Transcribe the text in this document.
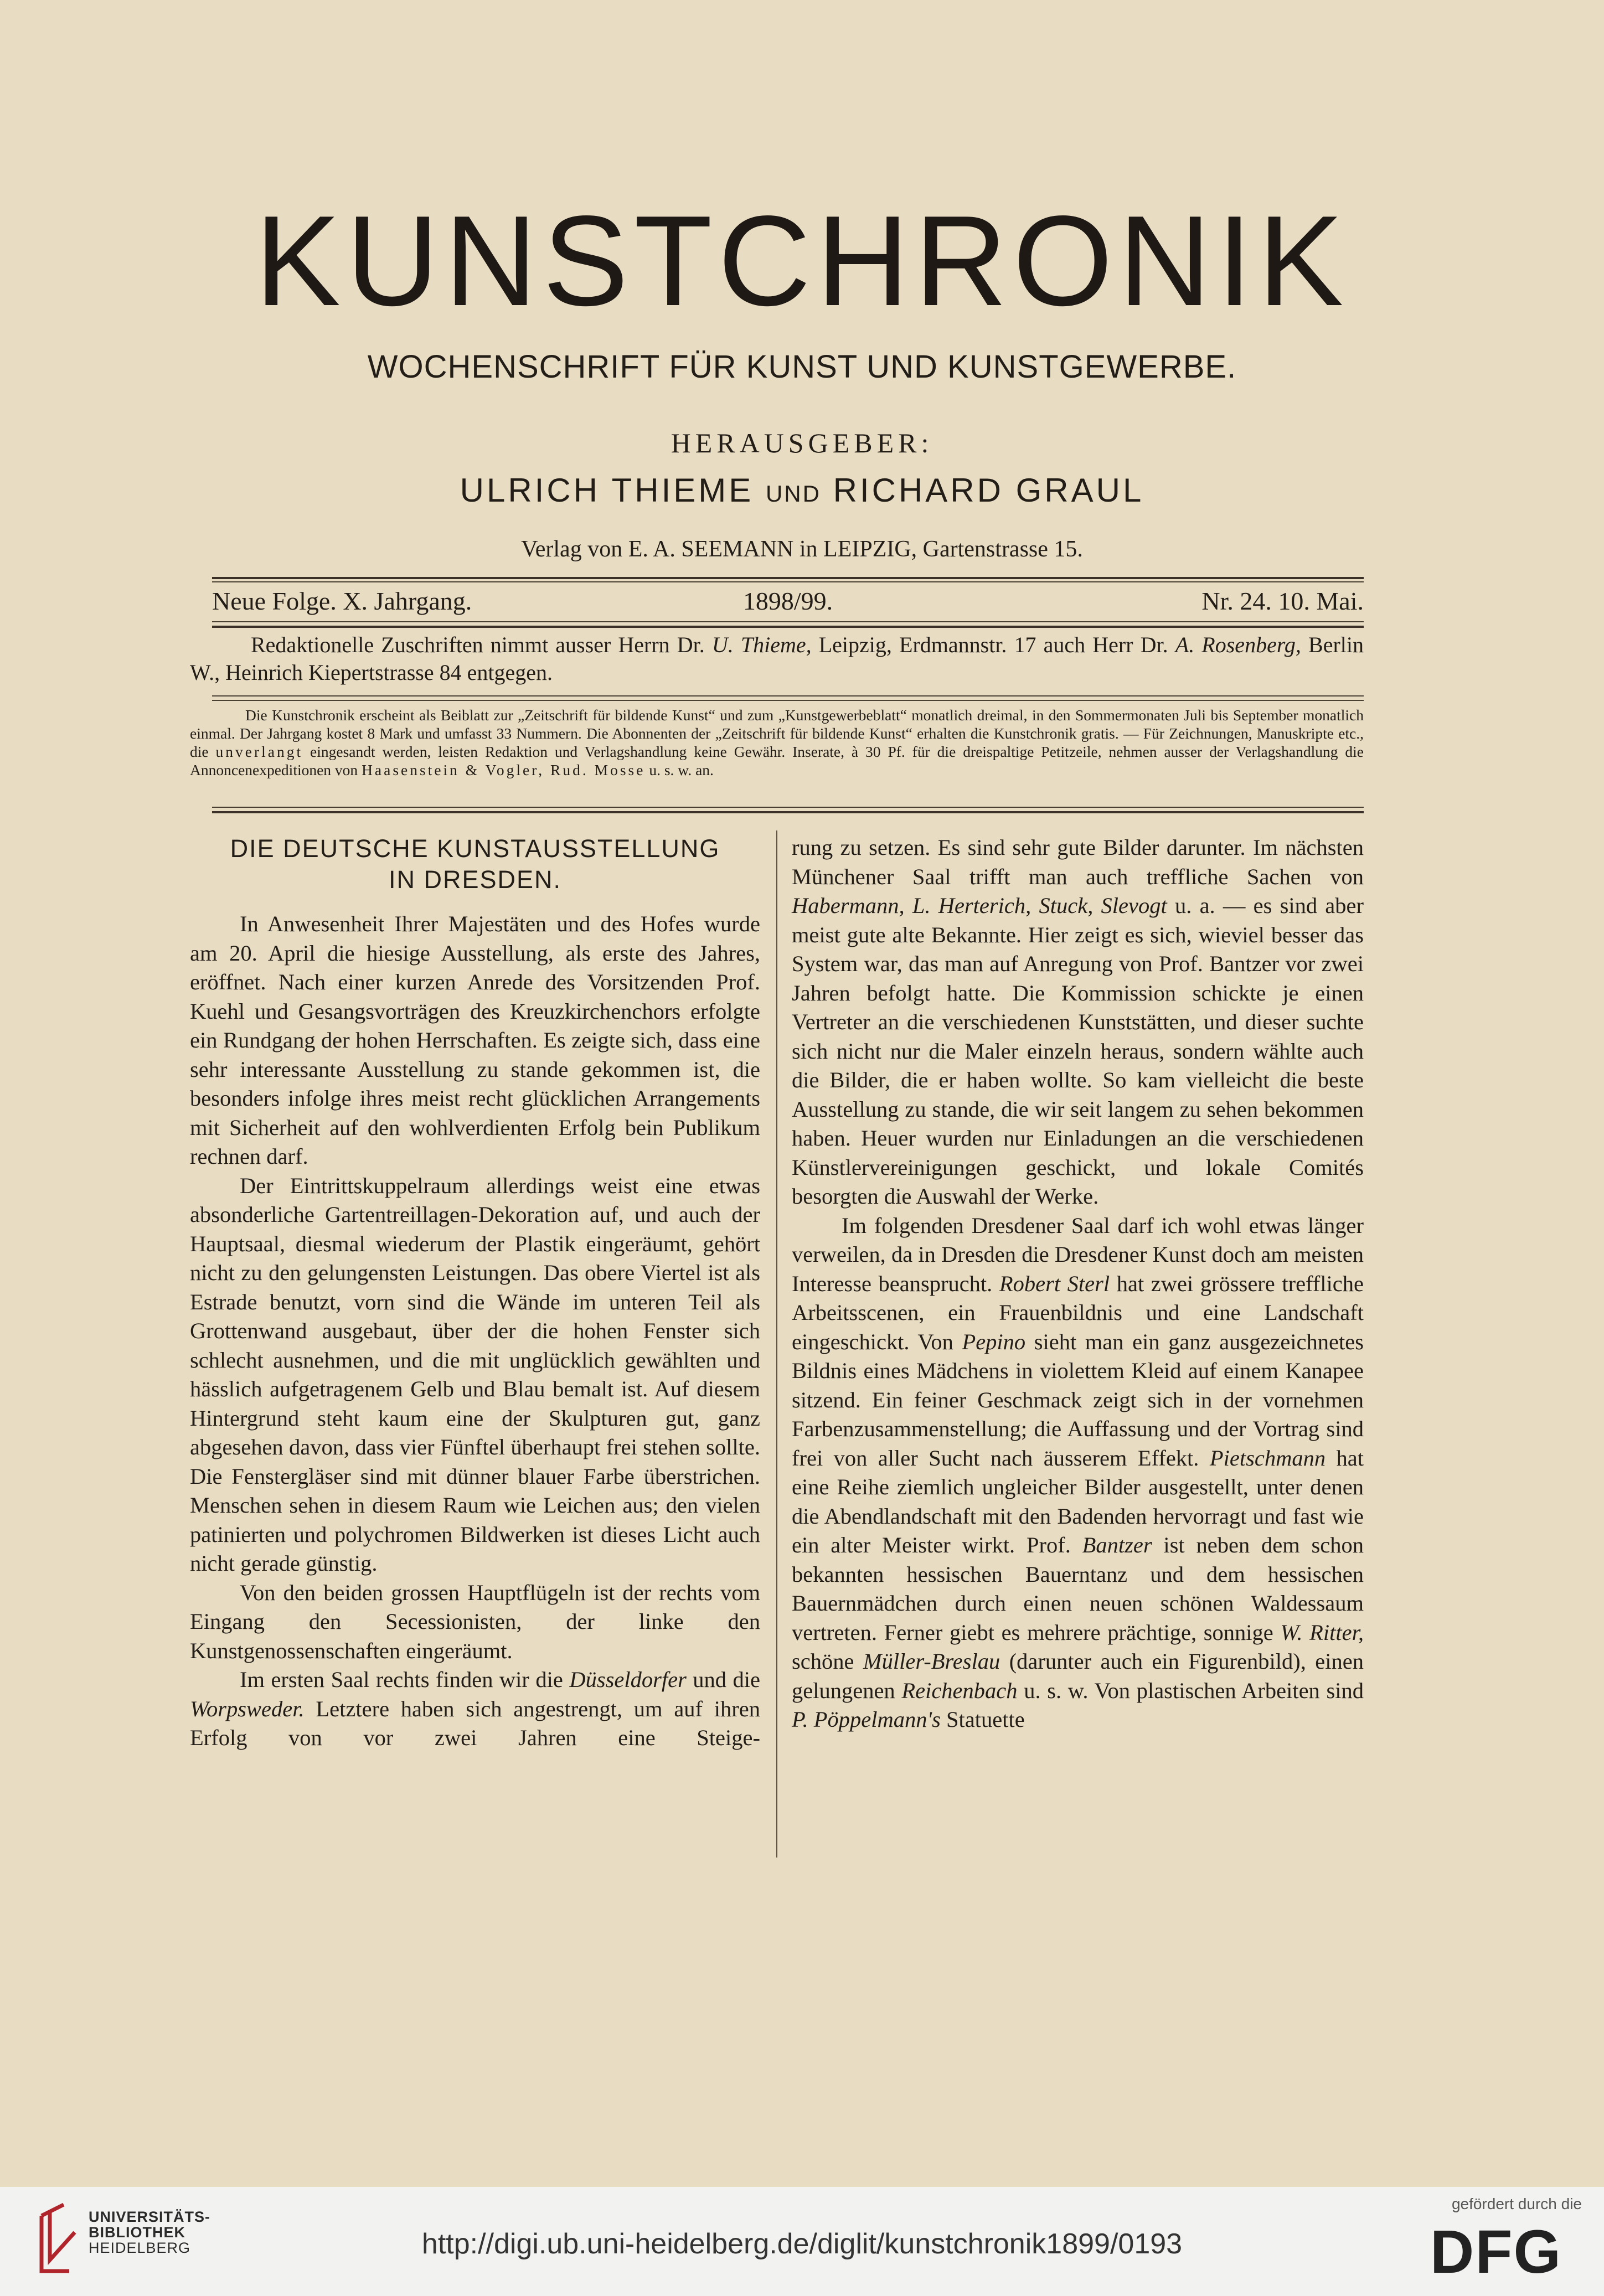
KUNSTCHRONIK
WOCHENSCHRIFT FÜR KUNST UND KUNSTGEWERBE.
HERAUSGEBER:
ULRICH THIEME UND RICHARD GRAUL
Verlag von E. A. SEEMANN in LEIPZIG, Gartenstrasse 15.
Neue Folge. X. Jahrgang.	1898/99.	Nr. 24. 10. Mai.
Redaktionelle Zuschriften nimmt ausser Herrn Dr. U. Thieme, Leipzig, Erdmannstr. 17 auch Herr Dr. A. Rosenberg, Berlin W., Heinrich Kiepertstrasse 84 entgegen.
Die Kunstchronik erscheint als Beiblatt zur „Zeitschrift für bildende Kunst“ und zum „Kunstgewerbeblatt“ monatlich dreimal, in den Sommermonaten Juli bis September monatlich einmal. Der Jahrgang kostet 8 Mark und umfasst 33 Nummern. Die Abonnenten der „Zeitschrift für bildende Kunst“ erhalten die Kunstchronik gratis. — Für Zeichnungen, Manuskripte etc., die unverlangt eingesandt werden, leisten Redaktion und Verlagshandlung keine Gewähr. Inserate, à 30 Pf. für die dreispaltige Petitzeile, nehmen ausser der Verlagshandlung die Annoncenexpeditionen von Haasenstein & Vogler, Rud. Mosse u. s. w. an.
DIE DEUTSCHE KUNSTAUSSTELLUNG
IN DRESDEN.

In Anwesenheit Ihrer Majestäten und des Hofes wurde am 20. April die hiesige Ausstellung, als erste des Jahres, eröffnet. Nach einer kurzen Anrede des Vorsitzenden Prof. Kuehl und Gesangsvorträgen des Kreuzkirchenchors erfolgte ein Rundgang der hohen Herrschaften. Es zeigte sich, dass eine sehr interessante Ausstellung zu stande gekommen ist, die besonders infolge ihres meist recht glücklichen Arrangements mit Sicherheit auf den wohlverdienten Erfolg bein Publikum rechnen darf.

Der Eintrittskuppelraum allerdings weist eine etwas absonderliche Gartentreillagen-Dekoration auf, und auch der Hauptsaal, diesmal wiederum der Plastik eingeräumt, gehört nicht zu den gelungensten Leistungen. Das obere Viertel ist als Estrade benutzt, vorn sind die Wände im unteren Teil als Grottenwand ausgebaut, über der die hohen Fenster sich schlecht ausnehmen, und die mit unglücklich gewählten und hässlich aufgetragenem Gelb und Blau bemalt ist. Auf diesem Hintergrund steht kaum eine der Skulpturen gut, ganz abgesehen davon, dass vier Fünftel überhaupt frei stehen sollte. Die Fenstergläser sind mit dünner blauer Farbe überstrichen. Menschen sehen in diesem Raum wie Leichen aus; den vielen patinierten und polychromen Bildwerken ist dieses Licht auch nicht gerade günstig.

Von den beiden grossen Hauptflügeln ist der rechts vom Eingang den Secessionisten, der linke den Kunstgenossenschaften eingeräumt.

Im ersten Saal rechts finden wir die Düsseldorfer und die Worpsweder. Letztere haben sich angestrengt, um auf ihren Erfolg von vor zwei Jahren eine Steige-

rung zu setzen. Es sind sehr gute Bilder darunter. Im nächsten Münchener Saal trifft man auch treffliche Sachen von Habermann, L. Herterich, Stuck, Slevogt u. a. — es sind aber meist gute alte Bekannte. Hier zeigt es sich, wieviel besser das System war, das man auf Anregung von Prof. Bantzer vor zwei Jahren befolgt hatte. Die Kommission schickte je einen Vertreter an die verschiedenen Kunststätten, und dieser suchte sich nicht nur die Maler einzeln heraus, sondern wählte auch die Bilder, die er haben wollte. So kam vielleicht die beste Ausstellung zu stande, die wir seit langem zu sehen bekommen haben. Heuer wurden nur Einladungen an die verschiedenen Künstlervereinigungen geschickt, und lokale Comités besorgten die Auswahl der Werke.

Im folgenden Dresdener Saal darf ich wohl etwas länger verweilen, da in Dresden die Dresdener Kunst doch am meisten Interesse beansprucht. Robert Sterl hat zwei grössere treffliche Arbeitsscenen, ein Frauenbildnis und eine Landschaft eingeschickt. Von Pepino sieht man ein ganz ausgezeichnetes Bildnis eines Mädchens in violettem Kleid auf einem Kanapee sitzend. Ein feiner Geschmack zeigt sich in der vornehmen Farbenzusammenstellung; die Auffassung und der Vortrag sind frei von aller Sucht nach äusserem Effekt. Pietschmann hat eine Reihe ziemlich ungleicher Bilder ausgestellt, unter denen die Abendlandschaft mit den Badenden hervorragt und fast wie ein alter Meister wirkt. Prof. Bantzer ist neben dem schon bekannten hessischen Bauerntanz und dem hessischen Bauernmädchen durch einen neuen schönen Waldessaum vertreten. Ferner giebt es mehrere prächtige, sonnige W. Ritter, schöne Müller-Breslau (darunter auch ein Figurenbild), einen gelungenen Reichenbach u. s. w. Von plastischen Arbeiten sind P. Pöppelmann's Statuette

UNIVERSITÄTS-
BIBLIOTHEK
HEIDELBERG	http://digi.ub.uni-heidelberg.de/diglit/kunstchronik1899/0193
gefördert durch die
DFG
